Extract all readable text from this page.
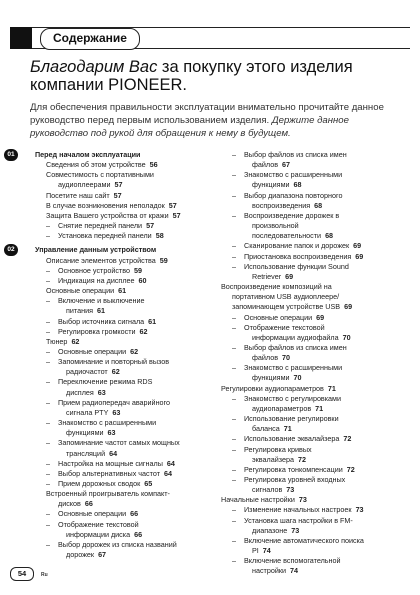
Содержание
Благодарим Вас за покупку этого изделия компании PIONEER.
Для обеспечения правильности эксплуатации внимательно прочитайте данное руководство перед первым использованием изделия. Держите данное руководство под рукой для обращения к нему в будущем.
01	Перед началом эксплуатации
Сведения об этом устройстве 56
Совместимость с портативными
аудиоплеерами 57
Посетите наш сайт 57
В случае возникновения неполадок 57
Защита Вашего устройства от кражи 57
– Снятие передней панели 57
– Установка передней панели 58
02	Управление данным устройством
Описание элементов устройства 59
– Основное устройство 59
– Индикация на дисплее 60
Основные операции 61
– Включение и выключение
питания 61
– Выбор источника сигнала 61
– Регулировка громкости 62
Тюнер 62
– Основные операции 62
– Запоминание и повторный вызов
радиочастот 62
– Переключение режима RDS
дисплея 63
– Прием радиопередач аварийного
сигнала PTY 63
– Знакомство с расширенными
функциями 63
– Запоминание частот самых мощных
трансляций 64
– Настройка на мощные сигналы 64
– Выбор альтернативных частот 64
– Прием дорожных сводок 65
Встроенный проигрыватель компакт-
дисков 66
– Основные операции 66
– Отображение текстовой
информации диска 66
– Выбор дорожек из списка названий
дорожек 67
– Выбор файлов из списка имен
файлов 67
– Знакомство с расширенными
функциями 68
– Выбор диапазона повторного
воспроизведения 68
– Воспроизведение дорожек в
произвольной
последовательности 68
– Сканирование папок и дорожек 69
– Приостановка воспроизведения 69
– Использование функции Sound
Retriever 69
Воспроизведение композиций на
портативном USB аудиоплеере/
запоминающем устройстве USB 69
– Основные операции 69
– Отображение текстовой
информации аудиофайла 70
– Выбор файлов из списка имен
файлов 70
– Знакомство с расширенными
функциями 70
Регулировки аудиопараметров 71
– Знакомство с регулировками
аудиопараметров 71
– Использование регулировки
баланса 71
– Использование эквалайзера 72
– Регулировка кривых
эквалайзера 72
– Регулировка тонкомпенсации 72
– Регулировка уровней входных
сигналов 73
Начальные настройки 73
– Изменение начальных настроек 73
– Установка шага настройки в FM-
диапазоне 73
– Включение автоматического поиска
PI 74
– Включение вспомогательной
настройки 74
54	Ru
